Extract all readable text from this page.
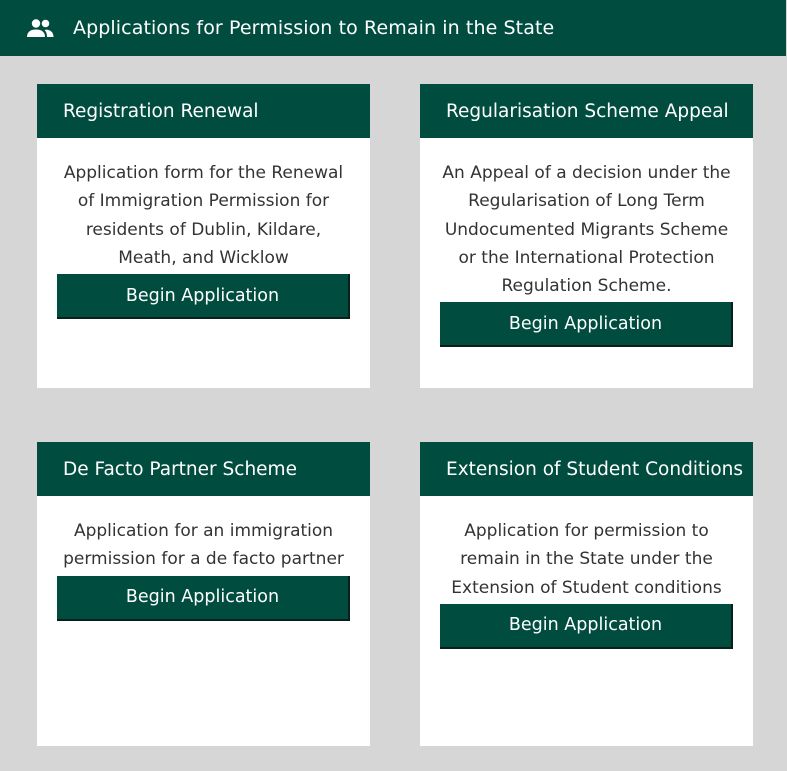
Applications for Permission to Remain in the State
Registration Renewal

Application form for the Renewal of Immigration Permission for residents of Dublin, Kildare, Meath, and Wicklow

Begin Application
Regularisation Scheme Appeal

An Appeal of a decision under the Regularisation of Long Term Undocumented Migrants Scheme or the International Protection Regulation Scheme.

Begin Application
De Facto Partner Scheme

Application for an immigration permission for a de facto partner

Begin Application
Extension of Student Conditions

Application for permission to remain in the State under the Extension of Student conditions

Begin Application
